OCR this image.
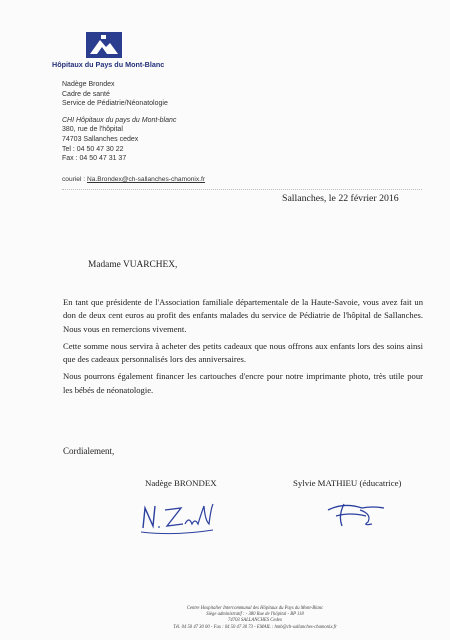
Hôpitaux du Pays du Mont-Blanc
Nadège Brondex
Cadre de santé
Service de Pédiatrie/Néonatologie
CHI Hôpitaux du pays du Mont-blanc
380, rue de l'hôpital
74703 Sallanches cedex
Tel : 04 50 47 30 22
Fax : 04 50 47 31 37
couriel : Na.Brondex@ch-sallanches-chamonix.fr
Sallanches, le 22 février 2016
Madame VUARCHEX,

En tant que présidente de l'Association familiale départementale de la Haute-Savoie, vous avez fait un don de deux cent euros au profit des enfants malades du service de Pédiatrie de l'hôpital de Sallanches. Nous vous en remercions vivement.

Cette somme nous servira à acheter des petits cadeaux que nous offrons aux enfants lors des soins ainsi que des cadeaux personnalisés lors des anniversaires.

Nous pourrons également financer les cartouches d'encre pour notre imprimante photo, très utile pour les bébés de néonatologie.

Cordialement,
Nadège BRONDEX	Sylvie MATHIEU (éducatrice)
Centre Hospitalier Intercommunal des Hôpitaux du Pays du Mont-Blanc
Siège administratif : - 380 Rue de l'hôpital - BP 118
74703 SALLANCHES Cedex
Tél. 04 50 47 30 00 - Fax : 04 50 47 30 73 - EMAIL : hmb@ch-sallanches-chamonix.fr
